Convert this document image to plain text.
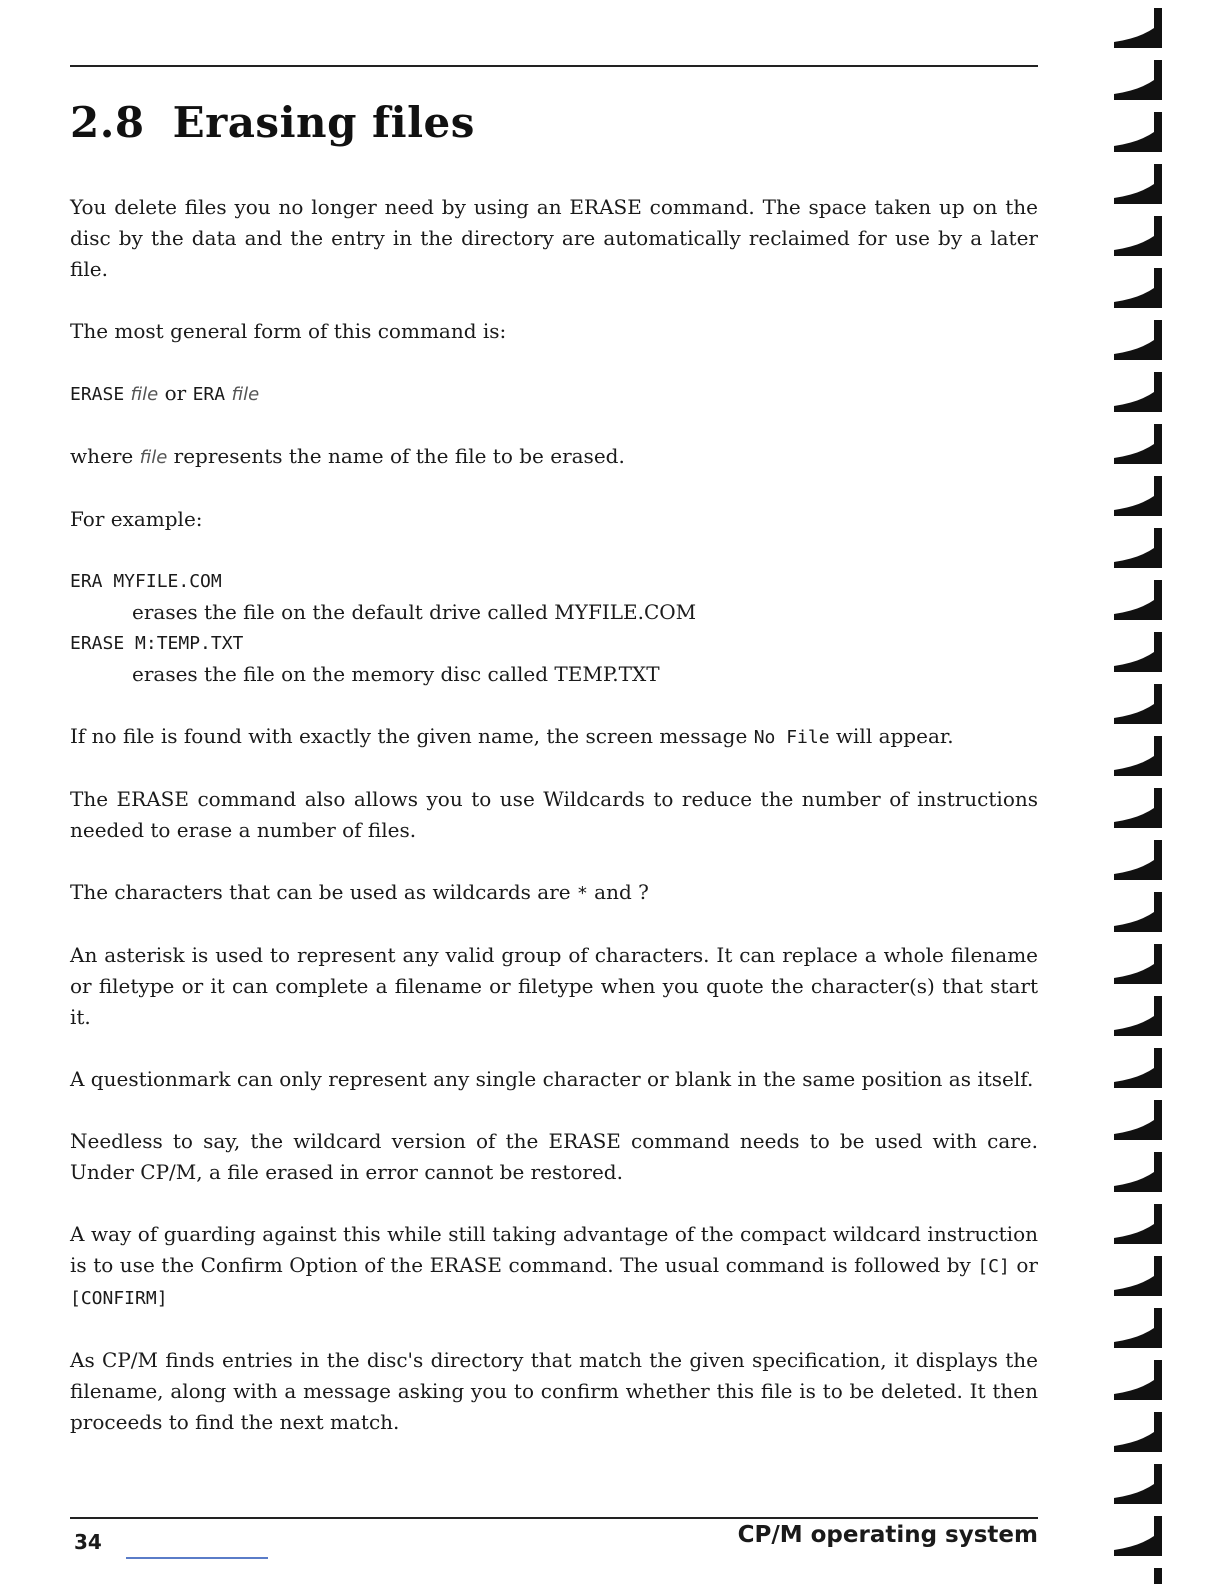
2.8 Erasing files

You delete files you no longer need by using an ERASE command. The space taken up on the disc by the data and the entry in the directory are automatically reclaimed for use by a later file.

The most general form of this command is:

ERASE file or ERA file

where file represents the name of the file to be erased.

For example:

ERA MYFILE.COM
erases the file on the default drive called MYFILE.COM
ERASE M:TEMP.TXT
erases the file on the memory disc called TEMP.TXT

If no file is found with exactly the given name, the screen message No File will appear.

The ERASE command also allows you to use Wildcards to reduce the number of instructions needed to erase a number of files.

The characters that can be used as wildcards are * and ?

An asterisk is used to represent any valid group of characters. It can replace a whole filename or filetype or it can complete a filename or filetype when you quote the character(s) that start it.

A questionmark can only represent any single character or blank in the same position as itself.

Needless to say, the wildcard version of the ERASE command needs to be used with care. Under CP/M, a file erased in error cannot be restored.

A way of guarding against this while still taking advantage of the compact wildcard instruction is to use the Confirm Option of the ERASE command. The usual command is followed by [C] or [CONFIRM]

As CP/M finds entries in the disc's directory that match the given specification, it displays the filename, along with a message asking you to confirm whether this file is to be deleted. It then proceeds to find the next match.

34	CP/M operating system
